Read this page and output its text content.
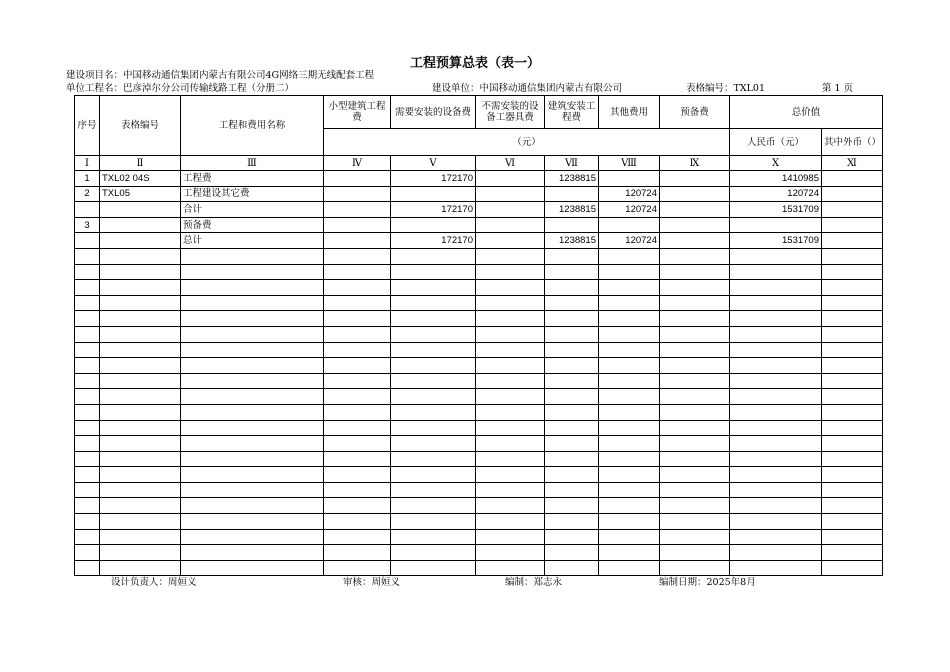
工程预算总表（表一）
建设项目名：中国移动通信集团内蒙古有限公司4G网络三期无线配套工程
单位工程名：巴彦淖尔分公司传输线路工程（分册二）	建设单位：中国移动通信集团内蒙古有限公司	表格编号：TXL01	第 1 页
序号	表格编号	工程和费用名称	小型建筑工程费	需要安装的设备费	不需安装的设备工器具费	建筑安装工程费	其他费用	预备费	总价值	
			（元）						人民币（元）	其中外币（）
Ⅰ	Ⅱ	Ⅲ	Ⅳ	Ⅴ	Ⅵ	Ⅶ	Ⅷ	Ⅸ	Ⅹ	Ⅺ
1	TXL02 04S	工程费		172170		1238815			1410985	
2	TXL05	工程建设其它费					120724		120724	
		合计		172170		1238815	120724		1531709	
3		预备费								
		总计		172170		1238815	120724		1531709	

设计负责人：周姮义	审核：周姮义	编制：郑志永	编制日期：2025年8月
